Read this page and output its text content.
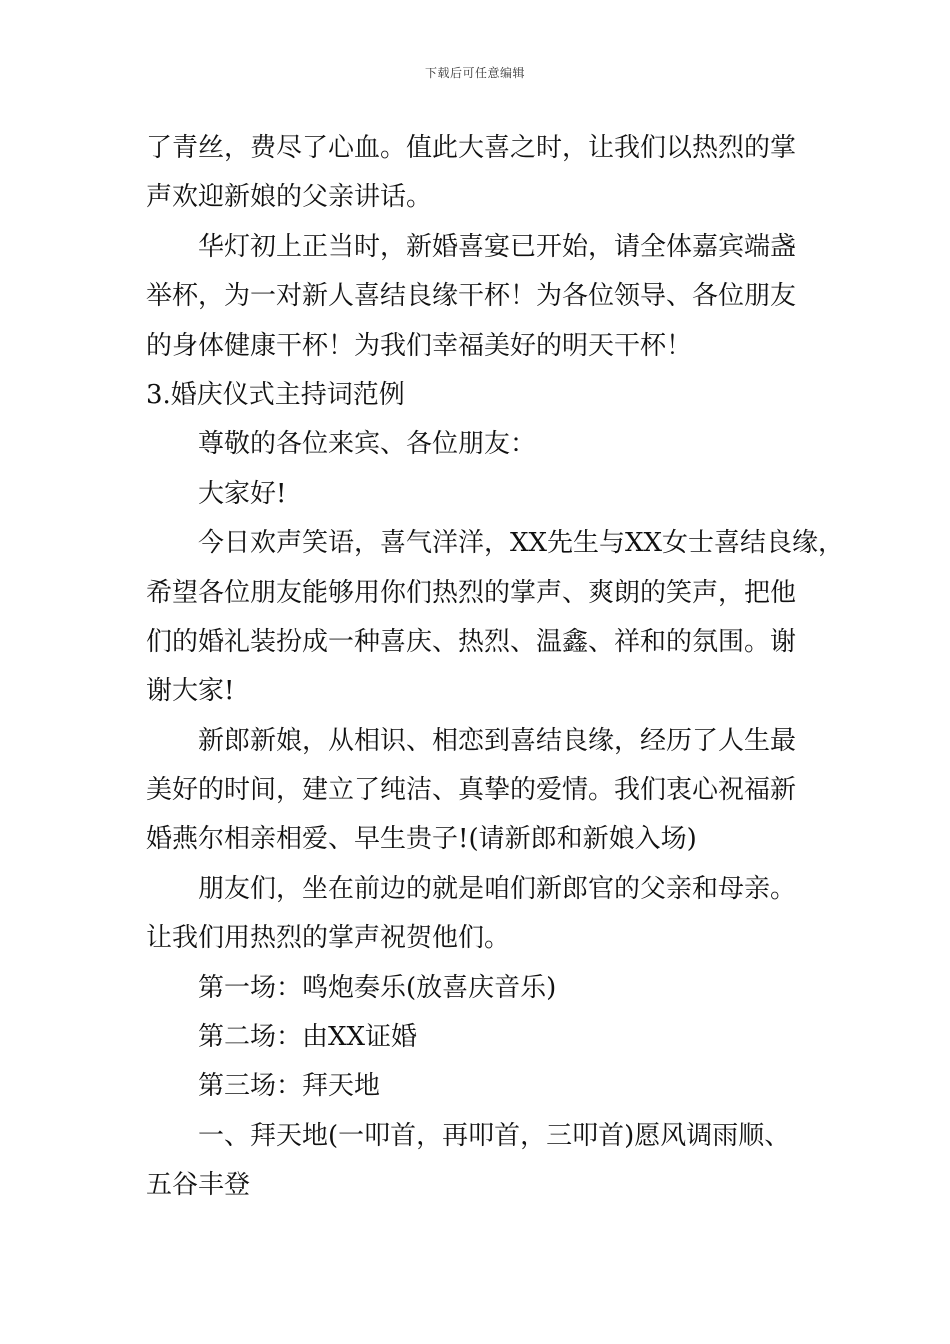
下载后可任意编辑
了青丝，费尽了心血。值此大喜之时，让我们以热烈的掌
声欢迎新娘的父亲讲话。
华灯初上正当时，新婚喜宴已开始，请全体嘉宾端盏
举杯，为一对新人喜结良缘干杯！为各位领导、各位朋友
的身体健康干杯！为我们幸福美好的明天干杯！
3.婚庆仪式主持词范例
尊敬的各位来宾、各位朋友：
大家好!
今日欢声笑语，喜气洋洋，XX先生与XX女士喜结良缘，
希望各位朋友能够用你们热烈的掌声、爽朗的笑声，把他
们的婚礼装扮成一种喜庆、热烈、温鑫、祥和的氛围。谢
谢大家!
新郎新娘，从相识、相恋到喜结良缘，经历了人生最
美好的时间，建立了纯洁、真挚的爱情。我们衷心祝福新
婚燕尔相亲相爱、早生贵子!(请新郎和新娘入场)
朋友们，坐在前边的就是咱们新郎官的父亲和母亲。
让我们用热烈的掌声祝贺他们。
第一场：鸣炮奏乐(放喜庆音乐)
第二场：由XX证婚
第三场：拜天地
一、拜天地(一叩首，再叩首，三叩首)愿风调雨顺、
五谷丰登
